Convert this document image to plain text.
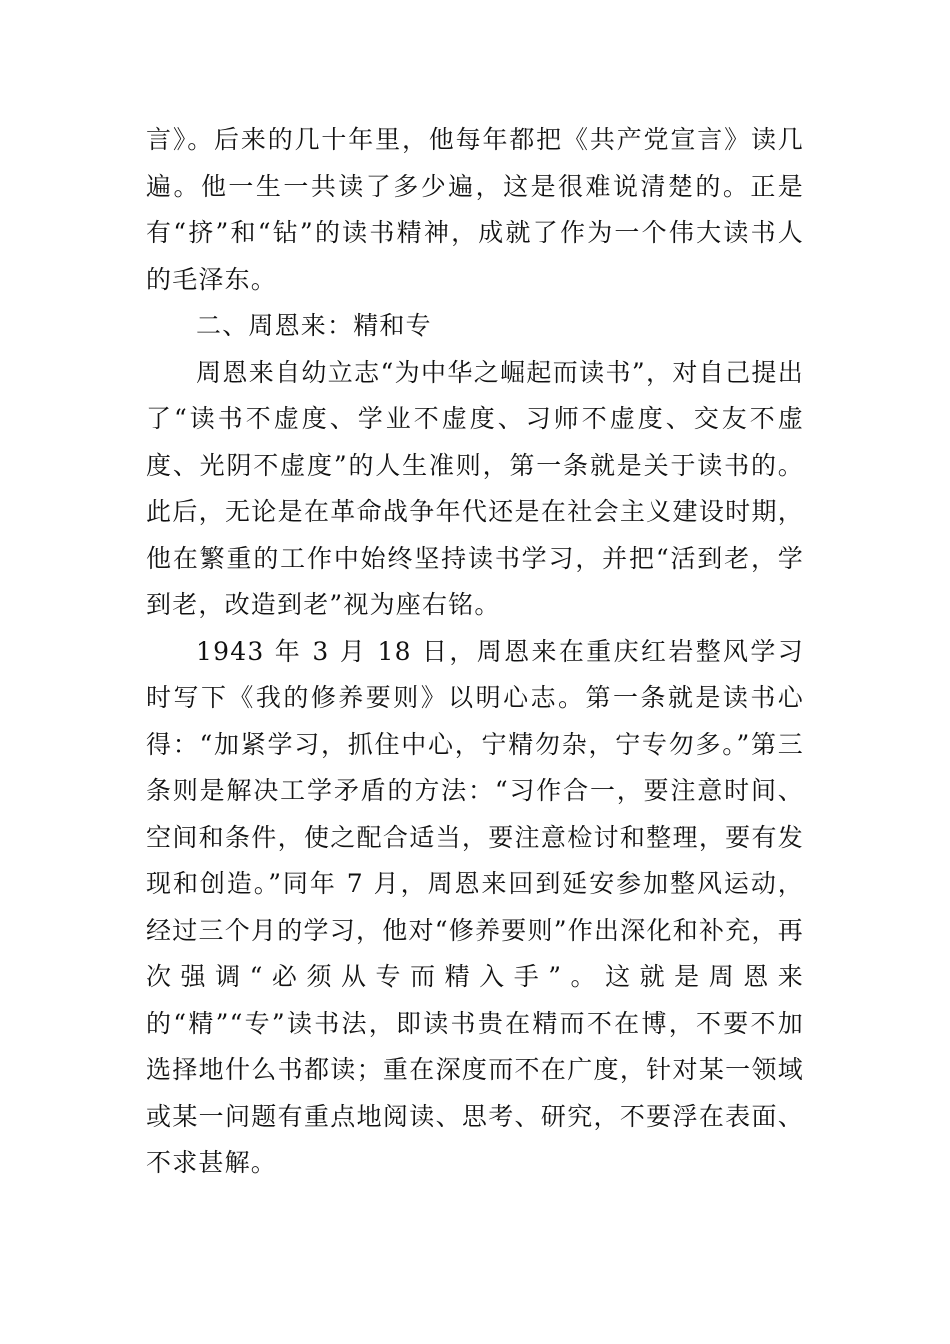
言》。后来的几十年里，他每年都把《共产党宣言》读几遍。他一生一共读了多少遍，这是很难说清楚的。正是有“挤”和“钻”的读书精神，成就了作为一个伟大读书人的毛泽东。

二、周恩来：精和专

周恩来自幼立志“为中华之崛起而读书”，对自己提出了“读书不虚度、学业不虚度、习师不虚度、交友不虚度、光阴不虚度”的人生准则，第一条就是关于读书的。此后，无论是在革命战争年代还是在社会主义建设时期，他在繁重的工作中始终坚持读书学习，并把“活到老，学到老，改造到老”视为座右铭。

1943 年 3 月 18 日，周恩来在重庆红岩整风学习时写下《我的修养要则》以明心志。第一条就是读书心得：“加紧学习，抓住中心，宁精勿杂，宁专勿多。”第三条则是解决工学矛盾的方法：“习作合一，要注意时间、空间和条件，使之配合适当，要注意检讨和整理，要有发现和创造。”同年 7 月，周恩来回到延安参加整风运动，经过三个月的学习，他对“修养要则”作出深化和补充，再次强调“必须从专而精入手”。这就是周恩来的“精”“专”读书法，即读书贵在精而不在博，不要不加选择地什么书都读；重在深度而不在广度，针对某一领域或某一问题有重点地阅读、思考、研究，不要浮在表面、不求甚解。
